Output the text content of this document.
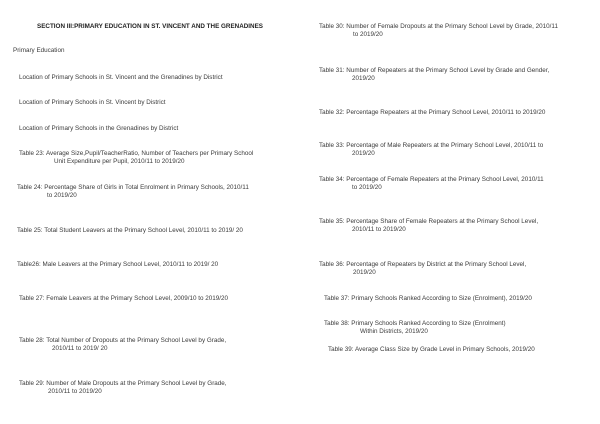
SECTION III:PRIMARY EDUCATION IN ST. VINCENT AND THE GRENADINES
Primary Education
Location of Primary Schools in St. Vincent and the Grenadines by District
Location of Primary Schools in St. Vincent by District
Location of Primary Schools in the Grenadines by District
Table 23: Average Size,Pupil/TeacherRatio, Number of Teachers per Primary School
Unit Expenditure per Pupil, 2010/11 to 2019/20
Table 24: Percentage Share of Girls in Total Enrolment in Primary Schools, 2010/11
to 2019/20
Table 25: Total Student Leavers at the Primary School Level, 2010/11 to 2019/ 20
Table26: Male Leavers at the Primary School Level, 2010/11 to 2019/ 20
Table 27: Female Leavers at the Primary School Level, 2009/10 to 2019/20
Table 28: Total Number of Dropouts at the Primary School Level by Grade,
2010/11 to 2019/ 20
Table 29: Number of Male Dropouts at the Primary School Level by Grade,
2010/11 to 2019/20
Table 30: Number of Female Dropouts at the Primary School Level by Grade, 2010/11
to 2019/20
Table 31: Number of Repeaters at the Primary School Level by Grade and Gender,
2019/20
Table 32: Percentage Repeaters at the Primary School Level, 2010/11 to 2019/20
Table 33: Percentage of Male Repeaters at the Primary School Level, 2010/11 to
2019/20
Table 34: Percentage of Female Repeaters at the Primary School Level, 2010/11
to 2019/20
Table 35: Percentage Share of Female Repeaters at the Primary School Level,
2010/11 to 2019/20
Table 36: Percentage of Repeaters by District at the Primary School Level,
2019/20
Table 37: Primary Schools Ranked According to Size (Enrolment), 2019/20
Table 38: Primary Schools Ranked According to Size (Enrolment)
Within Districts, 2019/20
Table 39: Average Class Size by Grade Level in Primary Schools, 2019/20
